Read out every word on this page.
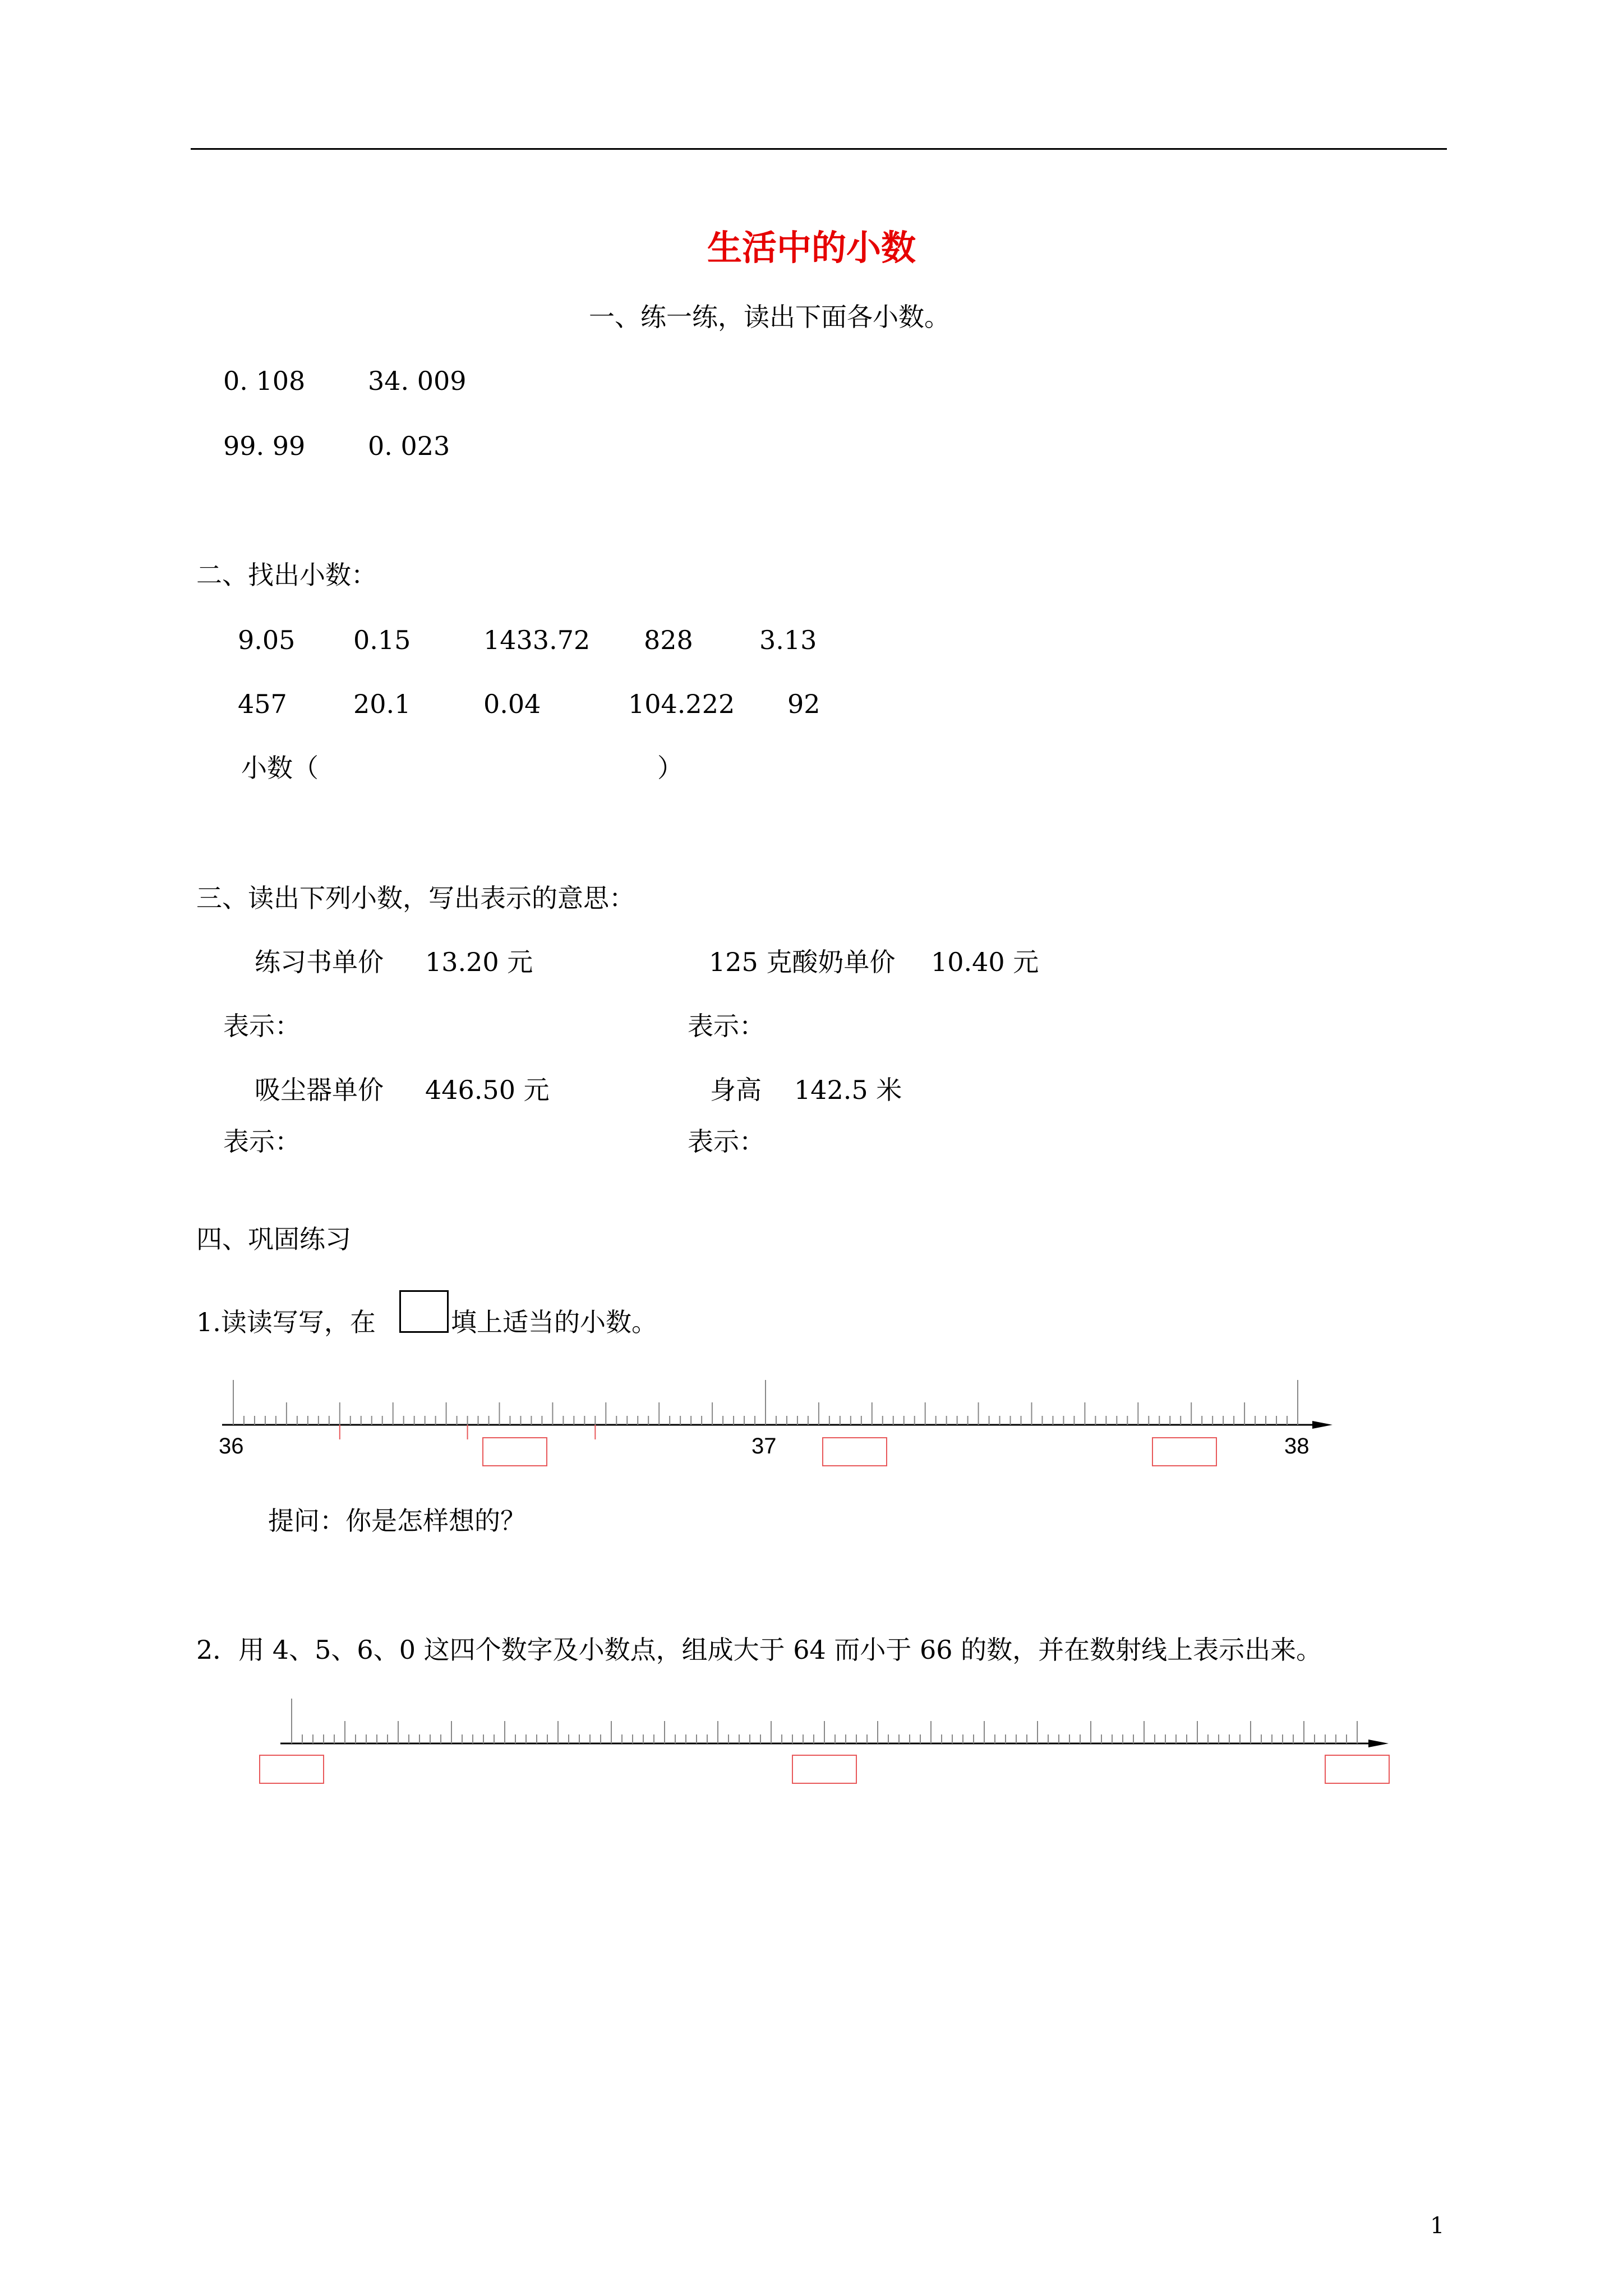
生活中的小数
一、练一练，读出下面各小数。
0. 108 34. 009
99. 99 0. 023
二、找出小数：
9.05 0.15	1433.72 828	3.13
457	20.1	0.04	104.222 92
小数（	）
三、读出下列小数，写出表示的意思：
练习书单价 13.20 元	125 克酸奶单价 10.40 元
表示：	表示：
吸尘器单价 446.50 元	身高 142.5 米
表示：	表示：
四、巩固练习
1.读读写写，在	填上适当的小数。
36	37	38
提问：你是怎样想的？
2．用 4、5、6、0 这四个数字及小数点，组成大于 64 而小于 66 的数，并在数射线上表示出来。
1
